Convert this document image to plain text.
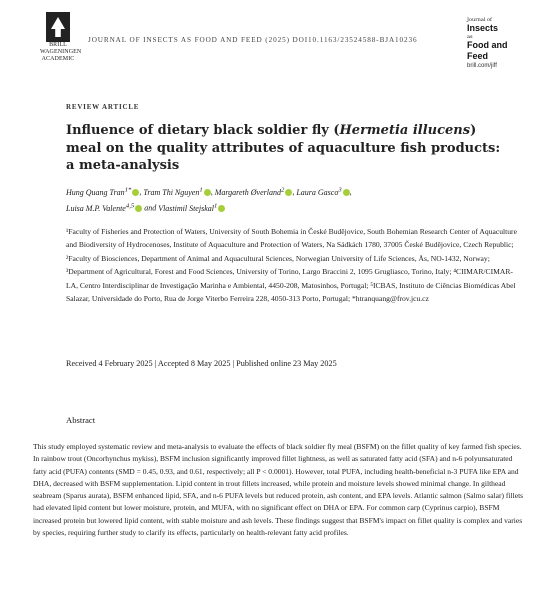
BRILL
WAGENINGEN
ACADEMIC
JOURNAL OF INSECTS AS FOOD AND FEED (2025) DOI10.1163/23524588-BJA10236
Journal of
Insects
as
Food and Feed
brill.com/jiff
REVIEW ARTICLE
Influence of dietary black soldier fly (Hermetia illucens) meal on the quality attributes of aquaculture fish products: a meta-analysis
Hung Quang Tran$^{1*}$ , Tram Thi Nguyen$^1$ , Margareth Øverland$^2$ , Laura Gasco$^3$ ,
Luisa M.P. Valente$^{4,5}$ and Vlastimil Stejskal$^1$
¹Faculty of Fisheries and Protection of Waters, University of South Bohemia in České Budějovice, South Bohemian Research Center of Aquaculture and Biodiversity of Hydrocenoses, Institute of Aquaculture and Protection of Waters, Na Sádkách 1780, 37005 České Budějovice, Czech Republic; ²Faculty of Biosciences, Department of Animal and Aquacultural Sciences, Norwegian University of Life Sciences, Ås, NO-1432, Norway; ³Department of Agricultural, Forest and Food Sciences, University of Torino, Largo Braccini 2, 1095 Grugliasco, Torino, Italy; ⁴CIIMAR/CIMAR-LA, Centro Interdisciplinar de Investigação Marinha e Ambiental, 4450-208, Matosinhos, Portugal; ⁵ICBAS, Instituto de Ciências Biomédicas Abel Salazar, Universidade do Porto, Rua de Jorge Viterbo Ferreira 228, 4050-313 Porto, Portugal; *htranquang@frov.jcu.cz
Received 4 February 2025 | Accepted 8 May 2025 | Published online 23 May 2025
Abstract
This study employed systematic review and meta-analysis to evaluate the effects of black soldier fly meal (BSFM) on the fillet quality of key farmed fish species. In rainbow trout (Oncorhynchus mykiss), BSFM inclusion significantly improved fillet lightness, as well as saturated fatty acid (SFA) and n-6 polyunsaturated fatty acid (PUFA) contents (SMD = 0.45, 0.93, and 0.61, respectively; all P < 0.0001). However, total PUFA, including health-beneficial n-3 PUFA like EPA and DHA, decreased with BSFM supplementation. Lipid content in trout fillets increased, while protein and moisture levels showed minimal change. In gilthead seabream (Sparus aurata), BSFM enhanced lipid, SFA, and n-6 PUFA levels but reduced protein, ash content, and EPA levels. Atlantic salmon (Salmo salar) fillets had elevated lipid content but lower moisture, protein, and MUFA, with no significant effect on DHA or EPA. For common carp (Cyprinus carpio), BSFM increased protein but lowered lipid content, with stable moisture and ash levels. These findings suggest that BSFM's impact on fillet quality is complex and varies by species, requiring further study to clarify its effects, particularly on health-relevant fatty acid profiles.
